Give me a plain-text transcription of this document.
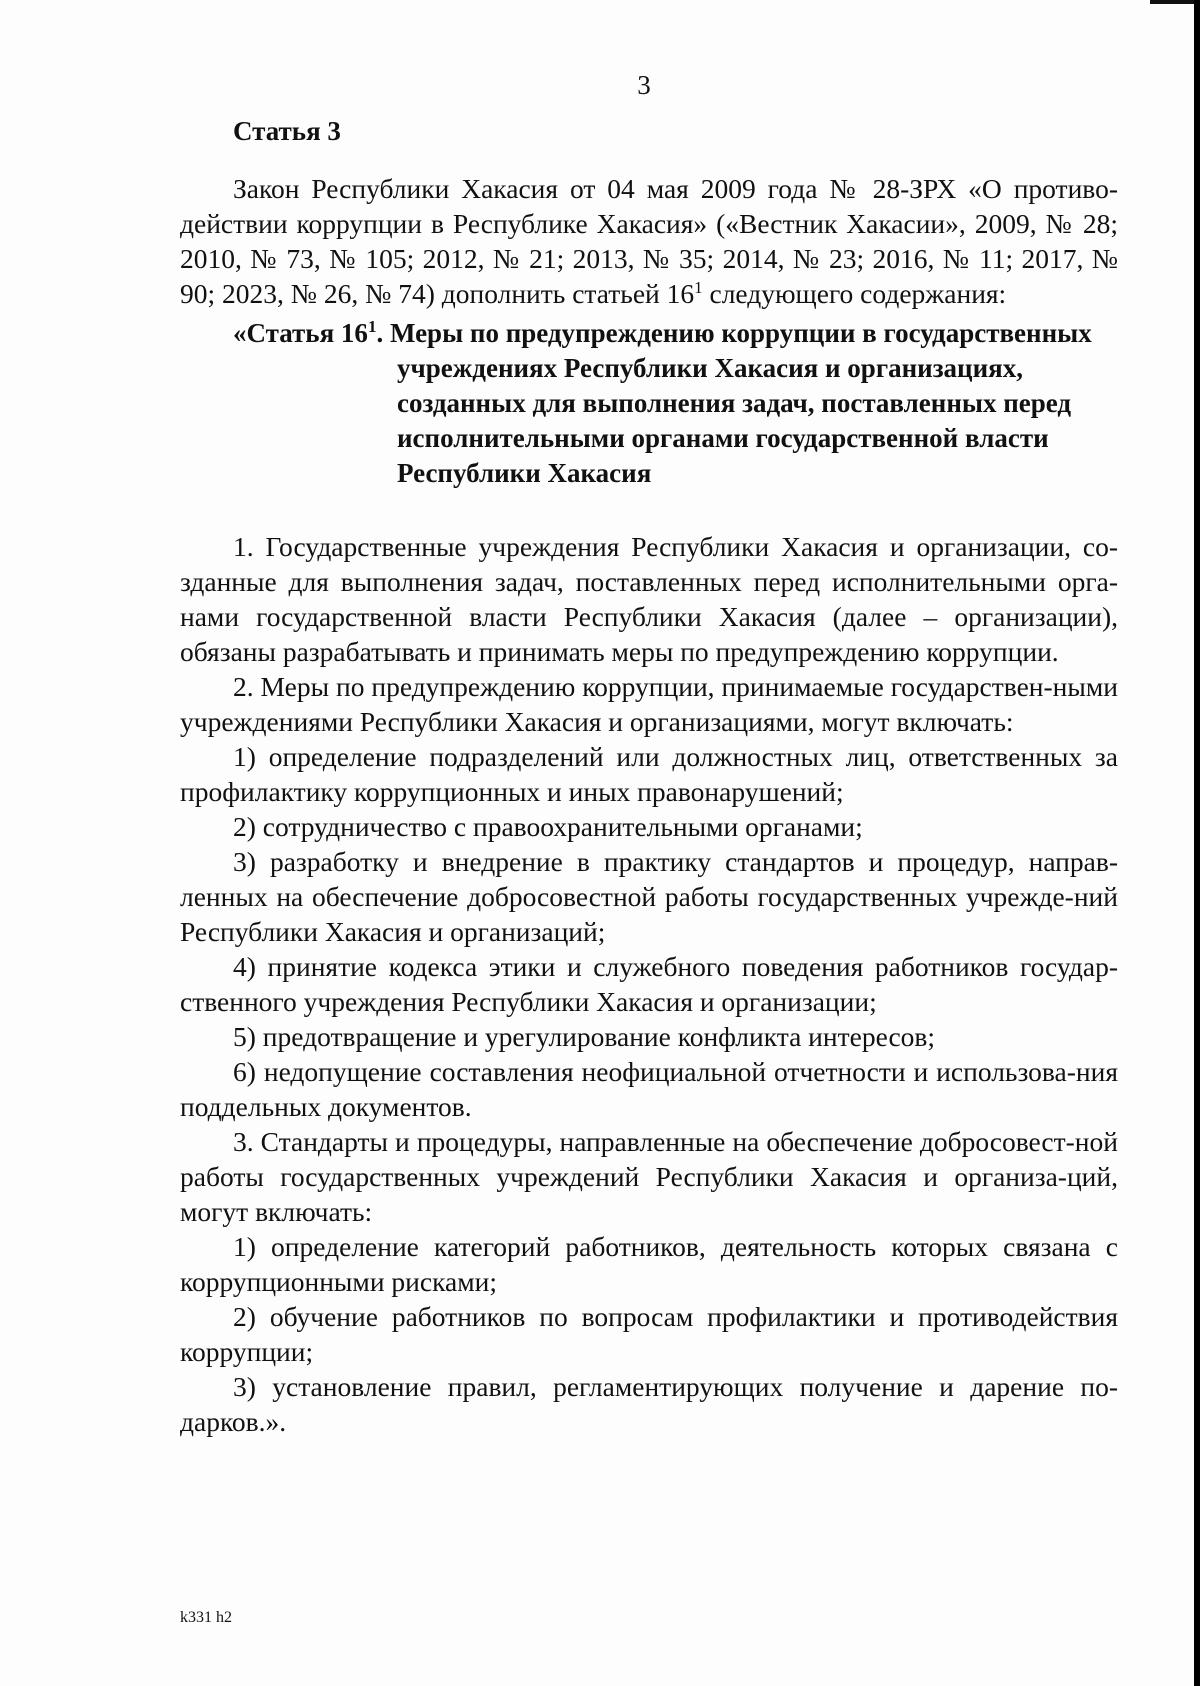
3
Статья 3
Закон Республики Хакасия от 04 мая 2009 года № 28-ЗРХ «О противо-действии коррупции в Республике Хакасия» («Вестник Хакасии», 2009, № 28; 2010, № 73, № 105; 2012, № 21; 2013, № 35; 2014, № 23; 2016, № 11; 2017, № 90; 2023, № 26, № 74) дополнить статьей $16^1$ следующего содержания:
«Статья $16^1$. Меры по предупреждению коррупции в государственных
учреждениях Республики Хакасия и организациях, созданных для выполнения задач, поставленных перед исполнительными органами государственной власти Республики Хакасия

1. Государственные учреждения Республики Хакасия и организации, со-зданные для выполнения задач, поставленных перед исполнительными орга-нами государственной власти Республики Хакасия (далее – организации), обязаны разрабатывать и принимать меры по предупреждению коррупции.

2. Меры по предупреждению коррупции, принимаемые государствен-ными учреждениями Республики Хакасия и организациями, могут включать:

1) определение подразделений или должностных лиц, ответственных за профилактику коррупционных и иных правонарушений;

2) сотрудничество с правоохранительными органами;

3) разработку и внедрение в практику стандартов и процедур, направ-ленных на обеспечение добросовестной работы государственных учрежде-ний Республики Хакасия и организаций;

4) принятие кодекса этики и служебного поведения работников государ-ственного учреждения Республики Хакасия и организации;

5) предотвращение и урегулирование конфликта интересов;

6) недопущение составления неофициальной отчетности и использова-ния поддельных документов.

3. Стандарты и процедуры, направленные на обеспечение добросовест-ной работы государственных учреждений Республики Хакасия и организа-ций, могут включать:

1) определение категорий работников, деятельность которых связана с коррупционными рисками;

2) обучение работников по вопросам профилактики и противодействия коррупции;

3) установление правил, регламентирующих получение и дарение по-дарков.».

k331 h2
